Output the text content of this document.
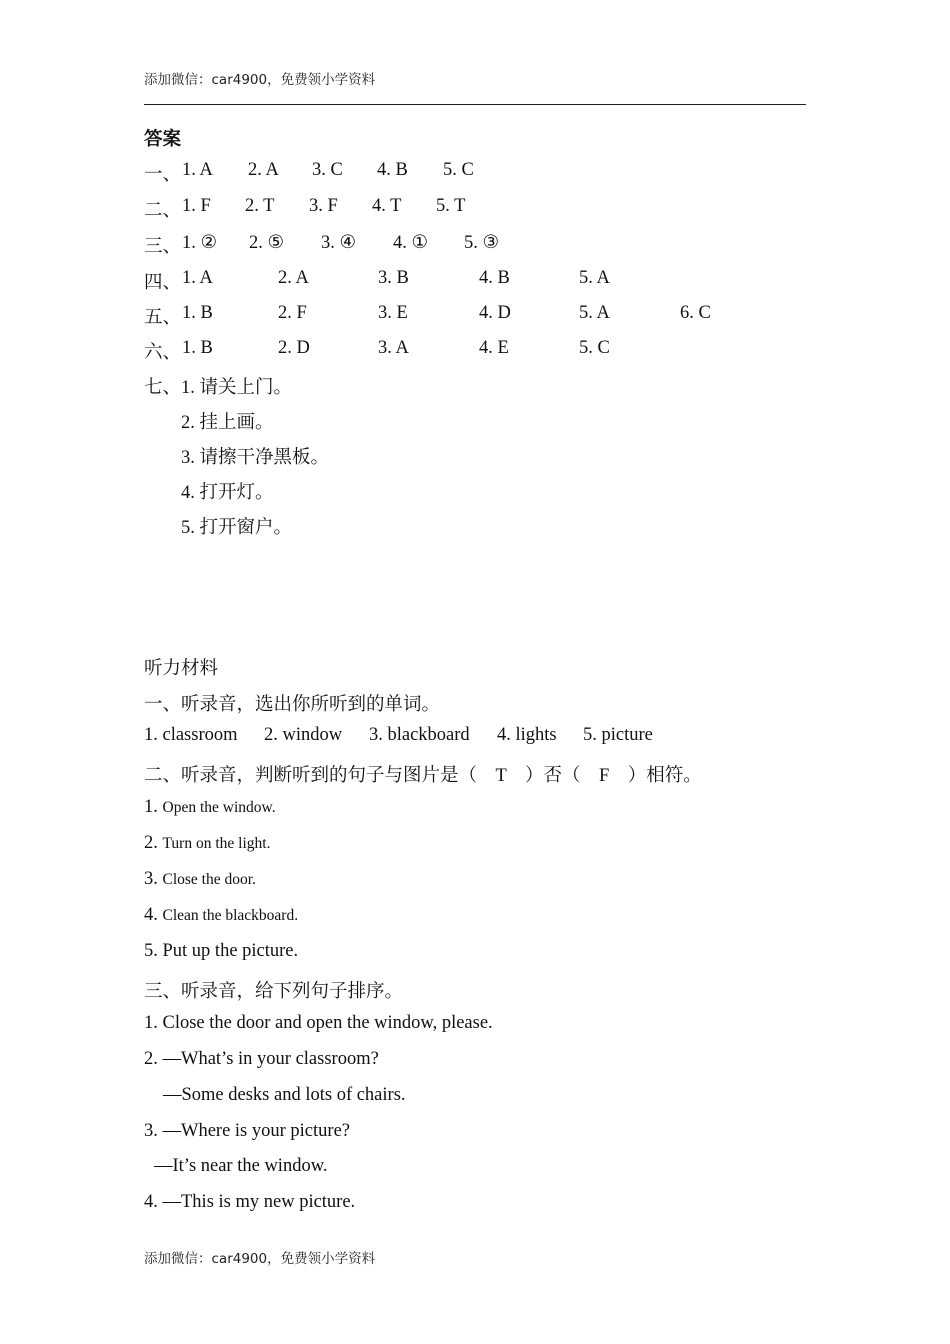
添加微信：car4900，免费领小学资料
答案
一、 1. A 2. A 3. C 4. B 5. C
二、 1. F 2. T 3. F 4. T 5. T
三、 1. ② 2. ⑤ 3. ④ 4. ① 5. ③
四、 1. A	2. A	3. B	4. B	5. A
五、 1. B	2. F	3. E	4. D	5. A	6. C
六、 1. B	2. D	3. A	4. E	5. C
七、1. 请关上门。
2. 挂上画。
3. 请擦干净黑板。
4. 打开灯。
5. 打开窗户。
听力材料
一、听录音，选出你所听到的单词。
1. classroom 2. window 3. blackboard 4. lights 5. picture
二、听录音，判断听到的句子与图片是（　T　）否（　F　）相符。
1. Open the window.
2. Turn on the light.
3. Close the door.
4. Clean the blackboard.
5. Put up the picture.
三、听录音，给下列句子排序。
1. Close the door and open the window, please.
2. —What’s in your classroom?
—Some desks and lots of chairs.
3. —Where is your picture?
—It’s near the window.
4. —This is my new picture.
添加微信：car4900，免费领小学资料
